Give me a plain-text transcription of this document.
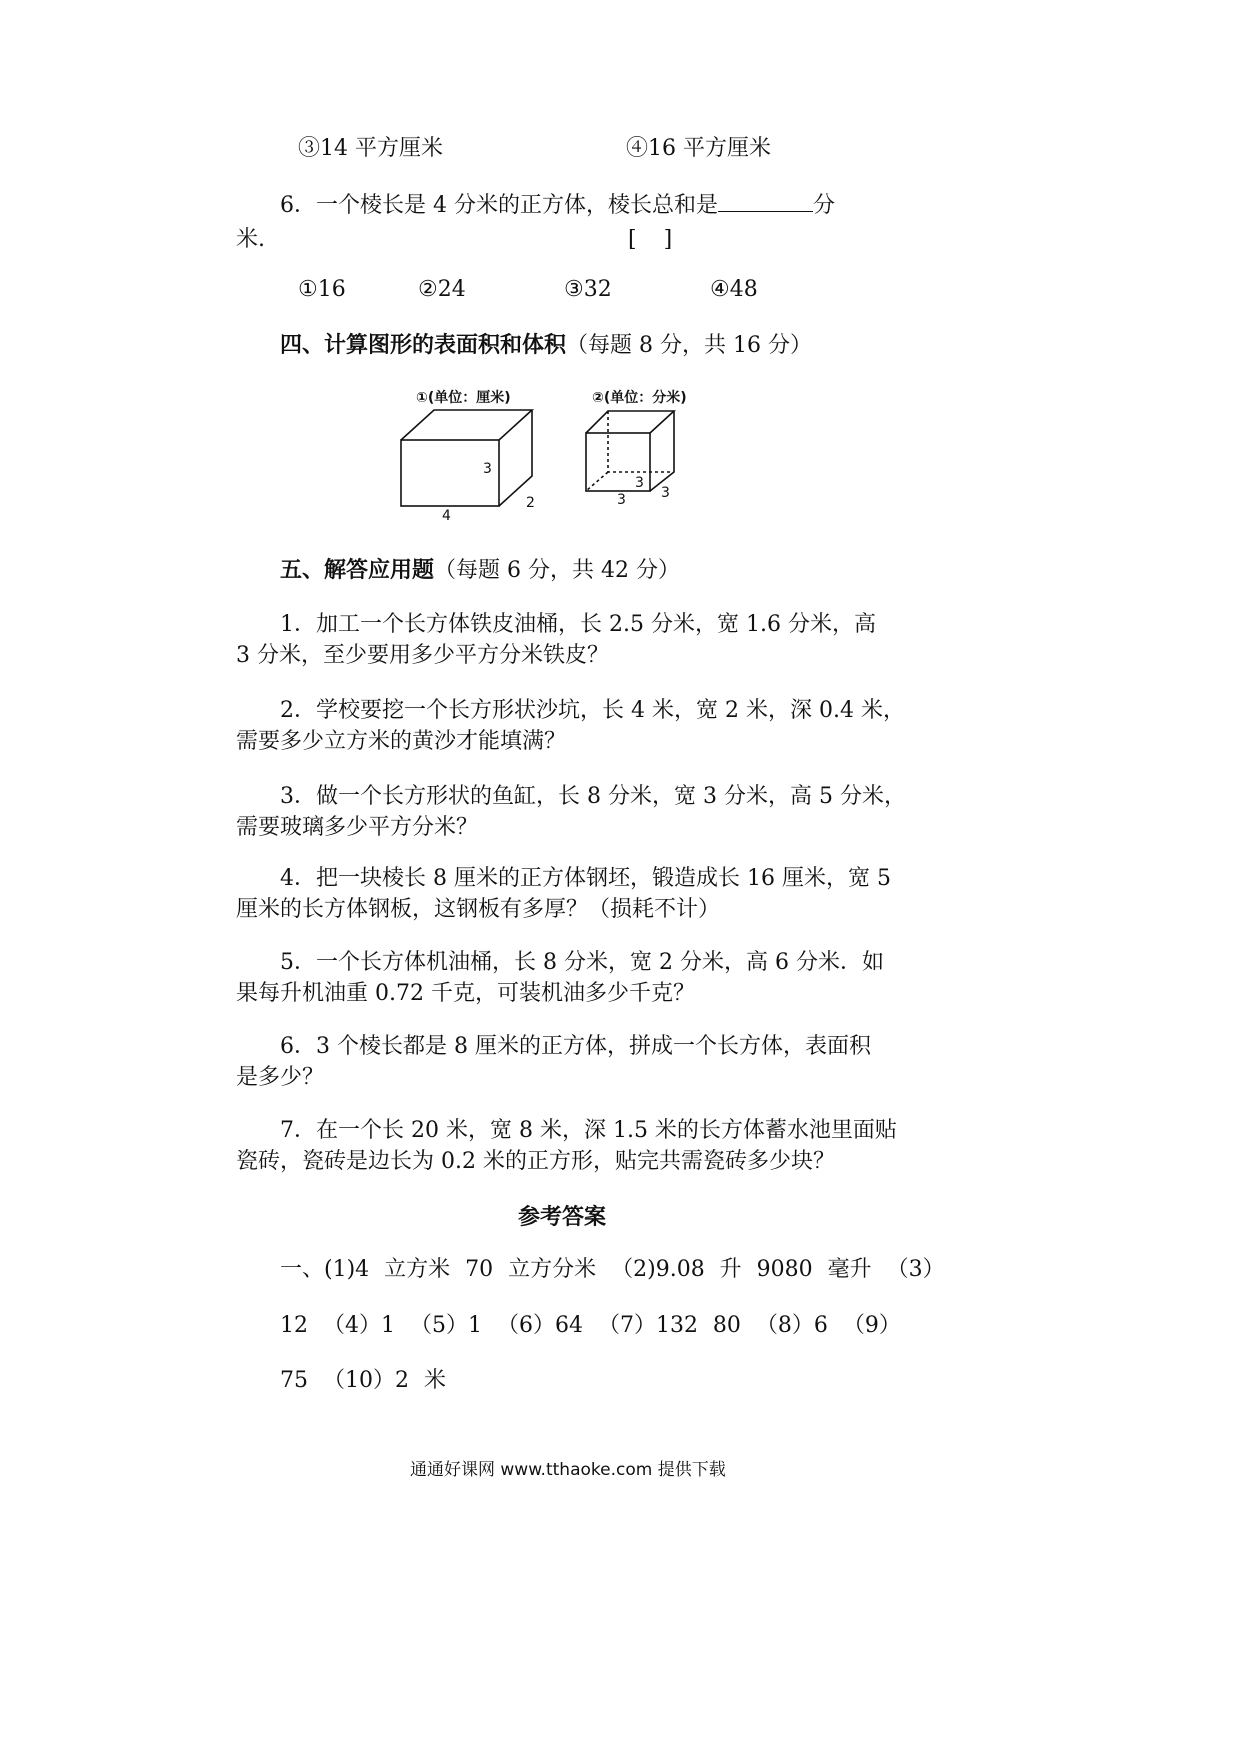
③14 平方厘米	④16 平方厘米
6．一个棱长是 4 分米的正方体，棱长总和是	分
米.	[ ]
①16	②24	③32	④48
四、计算图形的表面积和体积（每题 8 分，共 16 分）
①(单位：厘米)	②(单位：分米)
3
2
4
3
3	3
五、解答应用题（每题 6 分，共 42 分）
1．加工一个长方体铁皮油桶，长 2.5 分米，宽 1.6 分米，高
3 分米，至少要用多少平方分米铁皮？
2．学校要挖一个长方形状沙坑，长 4 米，宽 2 米，深 0.4 米，
需要多少立方米的黄沙才能填满？
3．做一个长方形状的鱼缸，长 8 分米，宽 3 分米，高 5 分米，
需要玻璃多少平方分米？
4．把一块棱长 8 厘米的正方体钢坯，锻造成长 16 厘米，宽 5
厘米的长方体钢板，这钢板有多厚？（损耗不计）
5．一个长方体机油桶，长 8 分米，宽 2 分米，高 6 分米．如
果每升机油重 0.72 千克，可装机油多少千克？
6．3 个棱长都是 8 厘米的正方体，拼成一个长方体，表面积
是多少？
7．在一个长 20 米，宽 8 米，深 1.5 米的长方体蓄水池里面贴
瓷砖，瓷砖是边长为 0.2 米的正方形，贴完共需瓷砖多少块？
参考答案
一、(1)4 立方米 70 立方分米 （2)9.08 升 9080 毫升 （3）
12 （4）1 （5）1 （6）64 （7）132 80 （8）6 （9）
75 （10）2 米
通通好课网 www.tthaoke.com 提供下载
